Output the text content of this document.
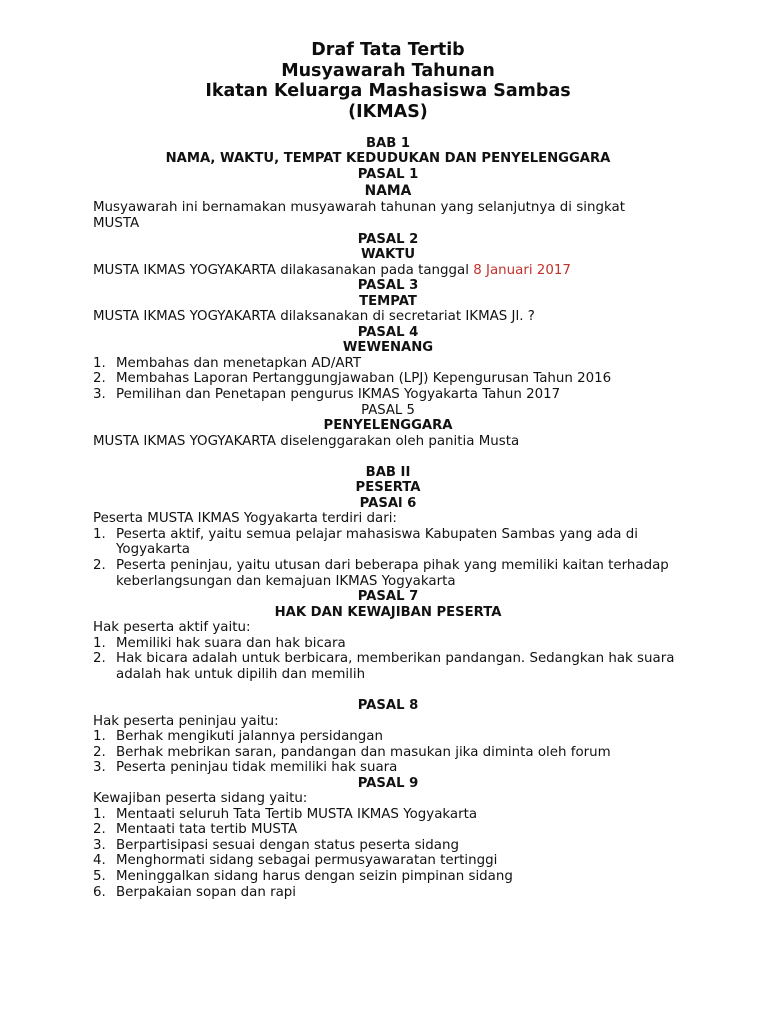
Draf Tata Tertib
Musyawarah Tahunan
Ikatan Keluarga Mashasiswa Sambas
(IKMAS)
BAB 1
NAMA, WAKTU, TEMPAT KEDUDUKAN DAN PENYELENGGARA
PASAL 1
NAMA
Musyawarah ini bernamakan musyawarah tahunan yang selanjutnya di singkat
MUSTA
PASAL 2
WAKTU
MUSTA IKMAS YOGYAKARTA dilakasanakan pada tanggal 8 Januari 2017
PASAL 3
TEMPAT
MUSTA IKMAS YOGYAKARTA dilaksanakan di secretariat IKMAS Jl. ?
PASAL 4
WEWENANG
1. Membahas dan menetapkan AD/ART
2. Membahas Laporan Pertanggungjawaban (LPJ) Kepengurusan Tahun 2016
3. Pemilihan dan Penetapan pengurus IKMAS Yogyakarta Tahun 2017
PASAL 5
PENYELENGGARA
MUSTA IKMAS YOGYAKARTA diselenggarakan oleh panitia Musta
BAB II
PESERTA
PASAl 6
Peserta MUSTA IKMAS Yogyakarta terdiri dari:
1. Peserta aktif, yaitu semua pelajar mahasiswa Kabupaten Sambas yang ada di Yogyakarta
2. Peserta peninjau, yaitu utusan dari beberapa pihak yang memiliki kaitan terhadap keberlangsungan dan kemajuan IKMAS Yogyakarta
PASAL 7
HAK DAN KEWAJIBAN PESERTA
Hak peserta aktif yaitu:
1. Memiliki hak suara dan hak bicara
2. Hak bicara adalah untuk berbicara, memberikan pandangan. Sedangkan hak suara adalah hak untuk dipilih dan memilih
PASAL 8
Hak peserta peninjau yaitu:
1. Berhak mengikuti jalannya persidangan
2. Berhak mebrikan saran, pandangan dan masukan jika diminta oleh forum
3. Peserta peninjau tidak memiliki hak suara
PASAL 9
Kewajiban peserta sidang yaitu:
1. Mentaati seluruh Tata Tertib MUSTA IKMAS Yogyakarta
2. Mentaati tata tertib MUSTA
3. Berpartisipasi sesuai dengan status peserta sidang
4. Menghormati sidang sebagai permusyawaratan tertinggi
5. Meninggalkan sidang harus dengan seizin pimpinan sidang
6. Berpakaian sopan dan rapi
